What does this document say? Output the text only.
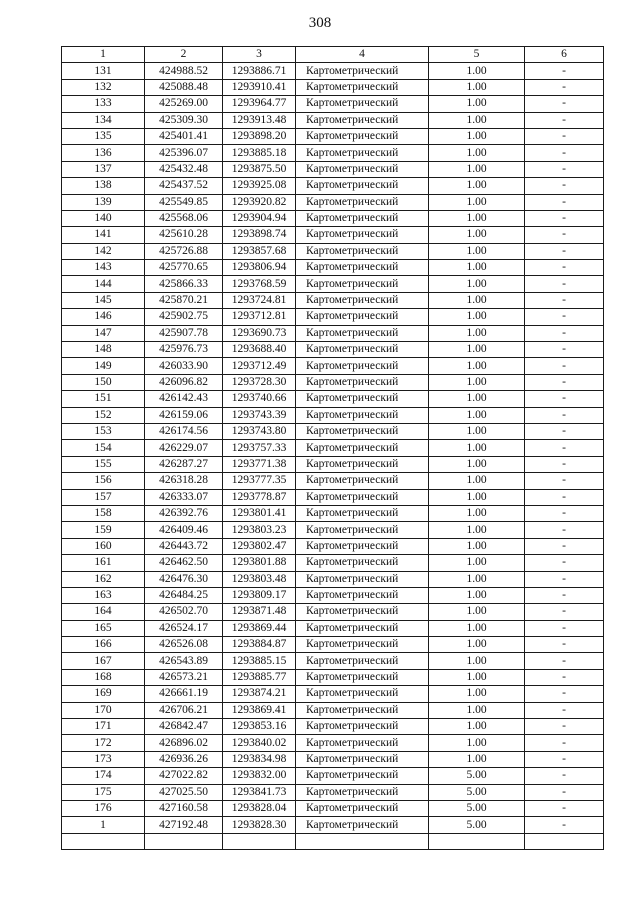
308
1	2	3	4	5	6
131	424988.52	1293886.71	Картометрический	1.00	-
132	425088.48	1293910.41	Картометрический	1.00	-
133	425269.00	1293964.77	Картометрический	1.00	-
134	425309.30	1293913.48	Картометрический	1.00	-
135	425401.41	1293898.20	Картометрический	1.00	-
136	425396.07	1293885.18	Картометрический	1.00	-
137	425432.48	1293875.50	Картометрический	1.00	-
138	425437.52	1293925.08	Картометрический	1.00	-
139	425549.85	1293920.82	Картометрический	1.00	-
140	425568.06	1293904.94	Картометрический	1.00	-
141	425610.28	1293898.74	Картометрический	1.00	-
142	425726.88	1293857.68	Картометрический	1.00	-
143	425770.65	1293806.94	Картометрический	1.00	-
144	425866.33	1293768.59	Картометрический	1.00	-
145	425870.21	1293724.81	Картометрический	1.00	-
146	425902.75	1293712.81	Картометрический	1.00	-
147	425907.78	1293690.73	Картометрический	1.00	-
148	425976.73	1293688.40	Картометрический	1.00	-
149	426033.90	1293712.49	Картометрический	1.00	-
150	426096.82	1293728.30	Картометрический	1.00	-
151	426142.43	1293740.66	Картометрический	1.00	-
152	426159.06	1293743.39	Картометрический	1.00	-
153	426174.56	1293743.80	Картометрический	1.00	-
154	426229.07	1293757.33	Картометрический	1.00	-
155	426287.27	1293771.38	Картометрический	1.00	-
156	426318.28	1293777.35	Картометрический	1.00	-
157	426333.07	1293778.87	Картометрический	1.00	-
158	426392.76	1293801.41	Картометрический	1.00	-
159	426409.46	1293803.23	Картометрический	1.00	-
160	426443.72	1293802.47	Картометрический	1.00	-
161	426462.50	1293801.88	Картометрический	1.00	-
162	426476.30	1293803.48	Картометрический	1.00	-
163	426484.25	1293809.17	Картометрический	1.00	-
164	426502.70	1293871.48	Картометрический	1.00	-
165	426524.17	1293869.44	Картометрический	1.00	-
166	426526.08	1293884.87	Картометрический	1.00	-
167	426543.89	1293885.15	Картометрический	1.00	-
168	426573.21	1293885.77	Картометрический	1.00	-
169	426661.19	1293874.21	Картометрический	1.00	-
170	426706.21	1293869.41	Картометрический	1.00	-
171	426842.47	1293853.16	Картометрический	1.00	-
172	426896.02	1293840.02	Картометрический	1.00	-
173	426936.26	1293834.98	Картометрический	1.00	-
174	427022.82	1293832.00	Картометрический	5.00	-
175	427025.50	1293841.73	Картометрический	5.00	-
176	427160.58	1293828.04	Картометрический	5.00	-
1	427192.48	1293828.30	Картометрический	5.00	-
